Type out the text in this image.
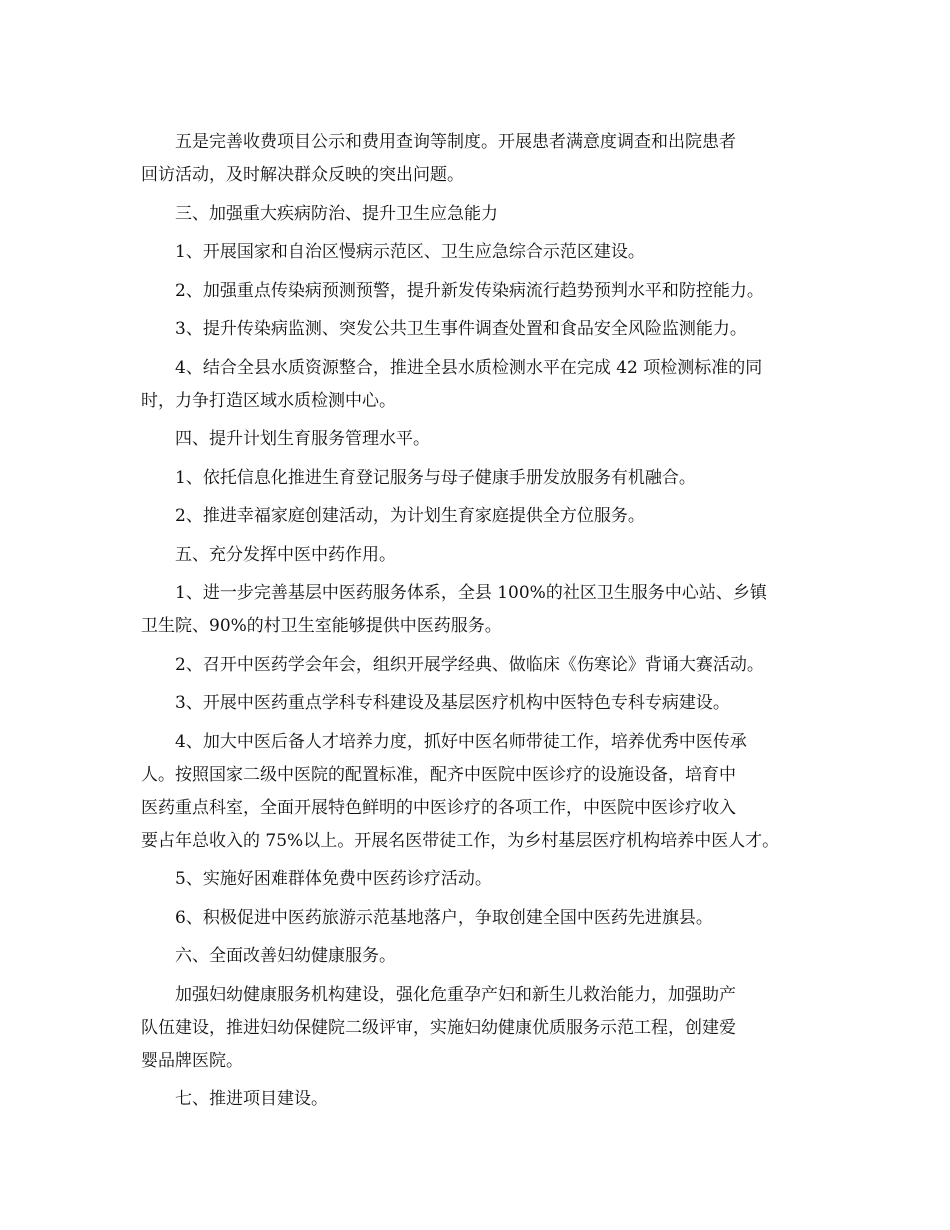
五是完善收费项目公示和费用查询等制度。开展患者满意度调查和出院患者
回访活动，及时解决群众反映的突出问题。
三、加强重大疾病防治、提升卫生应急能力
1、开展国家和自治区慢病示范区、卫生应急综合示范区建设。
2、加强重点传染病预测预警，提升新发传染病流行趋势预判水平和防控能力。
3、提升传染病监测、突发公共卫生事件调查处置和食品安全风险监测能力。
4、结合全县水质资源整合，推进全县水质检测水平在完成 42 项检测标准的同
时，力争打造区域水质检测中心。
四、提升计划生育服务管理水平。
1、依托信息化推进生育登记服务与母子健康手册发放服务有机融合。
2、推进幸福家庭创建活动，为计划生育家庭提供全方位服务。
五、充分发挥中医中药作用。
1、进一步完善基层中医药服务体系，全县 100%的社区卫生服务中心站、乡镇
卫生院、90%的村卫生室能够提供中医药服务。
2、召开中医药学会年会，组织开展学经典、做临床《伤寒论》背诵大赛活动。
3、开展中医药重点学科专科建设及基层医疗机构中医特色专科专病建设。
4、加大中医后备人才培养力度，抓好中医名师带徒工作，培养优秀中医传承
人。按照国家二级中医院的配置标准，配齐中医院中医诊疗的设施设备，培育中
医药重点科室，全面开展特色鲜明的中医诊疗的各项工作，中医院中医诊疗收入
要占年总收入的 75%以上。开展名医带徒工作，为乡村基层医疗机构培养中医人才。
5、实施好困难群体免费中医药诊疗活动。
6、积极促进中医药旅游示范基地落户，争取创建全国中医药先进旗县。
六、全面改善妇幼健康服务。
加强妇幼健康服务机构建设，强化危重孕产妇和新生儿救治能力，加强助产
队伍建设，推进妇幼保健院二级评审，实施妇幼健康优质服务示范工程，创建爱
婴品牌医院。
七、推进项目建设。
